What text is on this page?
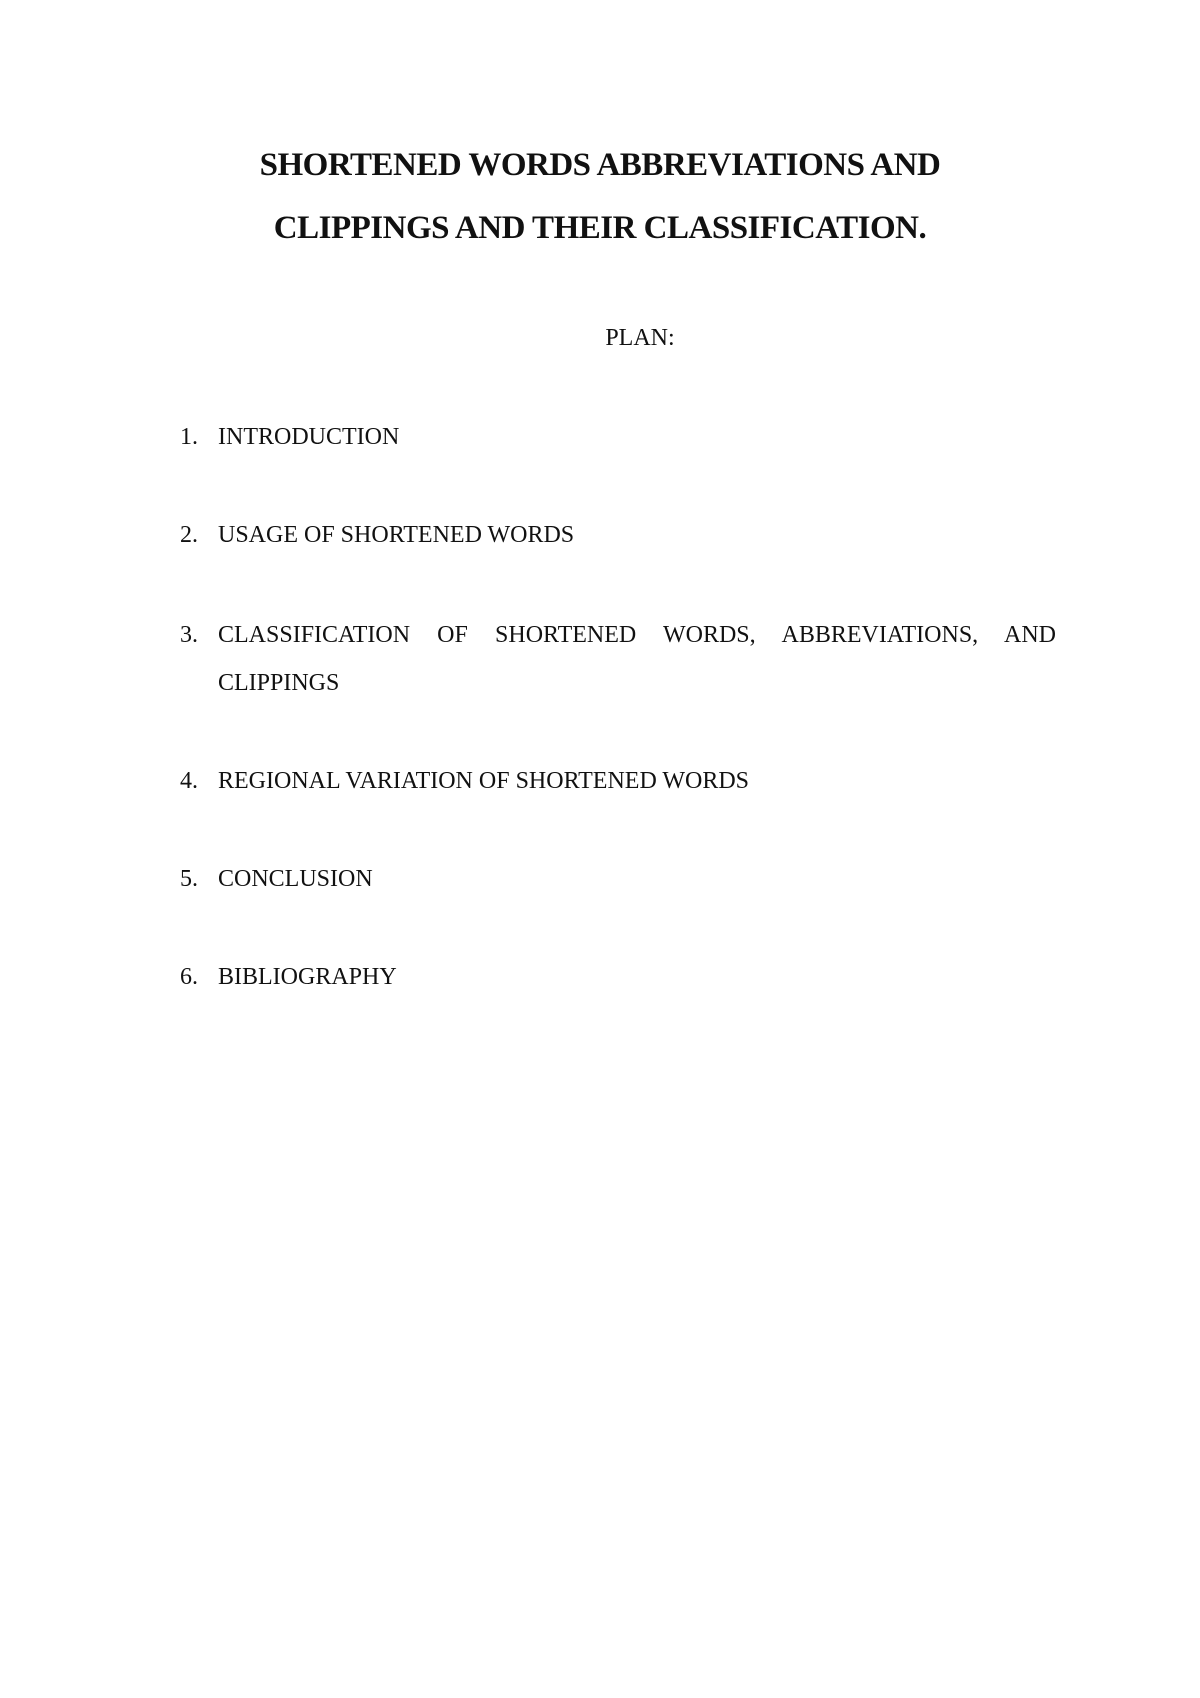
SHORTENED WORDS ABBREVIATIONS AND
CLIPPINGS AND THEIR CLASSIFICATION.
PLAN:
1. INTRODUCTION
2. USAGE OF SHORTENED WORDS
3. CLASSIFICATION OF SHORTENED WORDS, ABBREVIATIONS, AND CLIPPINGS
4. REGIONAL VARIATION OF SHORTENED WORDS
5. CONCLUSION
6. BIBLIOGRAPHY
